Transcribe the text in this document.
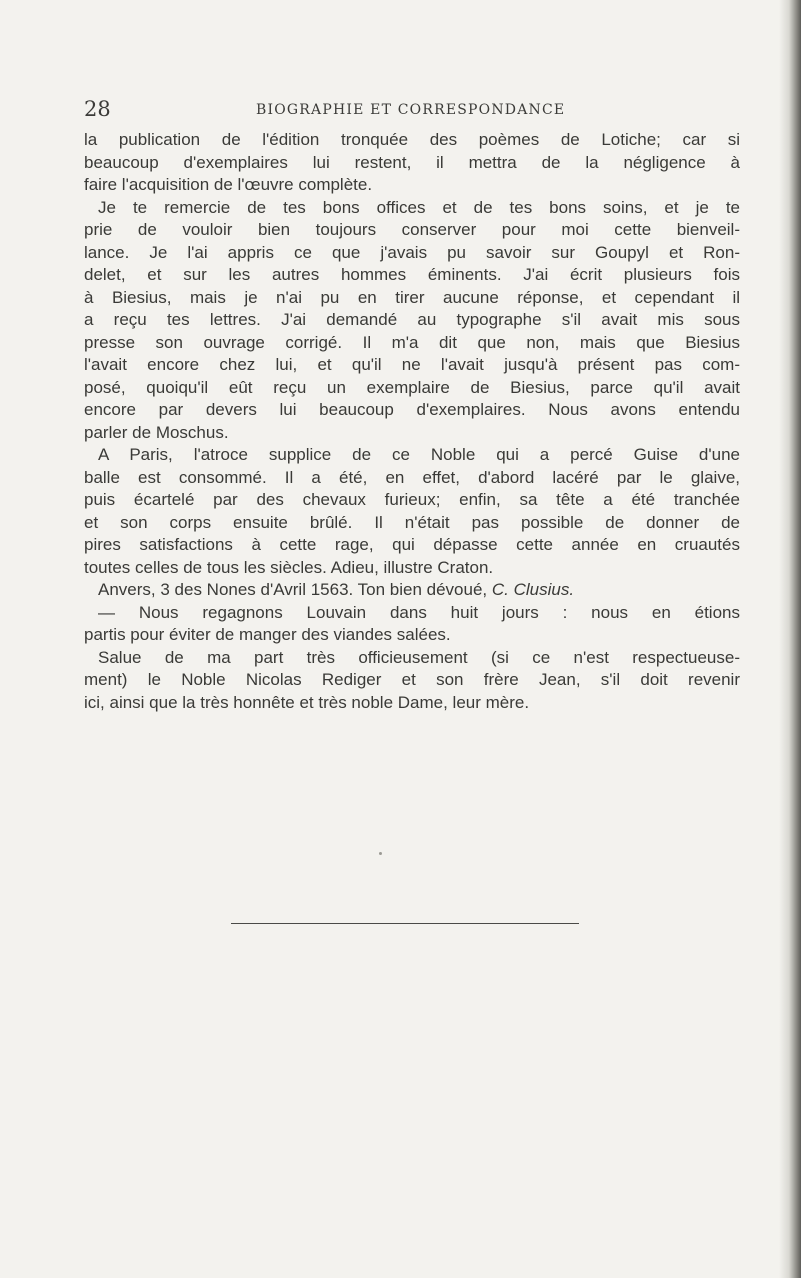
28	BIOGRAPHIE ET CORRESPONDANCE
la publication de l'édition tronquée des poèmes de Lotiche; car si
beaucoup d'exemplaires lui restent, il mettra de la négligence à
faire l'acquisition de l'œuvre complète.
Je te remercie de tes bons offices et de tes bons soins, et je te
prie de vouloir bien toujours conserver pour moi cette bienveil-
lance. Je l'ai appris ce que j'avais pu savoir sur Goupyl et Ron-
delet, et sur les autres hommes éminents. J'ai écrit plusieurs fois
à Biesius, mais je n'ai pu en tirer aucune réponse, et cependant il
a reçu tes lettres. J'ai demandé au typographe s'il avait mis sous
presse son ouvrage corrigé. Il m'a dit que non, mais que Biesius
l'avait encore chez lui, et qu'il ne l'avait jusqu'à présent pas com-
posé, quoiqu'il eût reçu un exemplaire de Biesius, parce qu'il avait
encore par devers lui beaucoup d'exemplaires. Nous avons entendu
parler de Moschus.
A Paris, l'atroce supplice de ce Noble qui a percé Guise d'une
balle est consommé. Il a été, en effet, d'abord lacéré par le glaive,
puis écartelé par des chevaux furieux; enfin, sa tête a été tranchée
et son corps ensuite brûlé. Il n'était pas possible de donner de
pires satisfactions à cette rage, qui dépasse cette année en cruautés
toutes celles de tous les siècles. Adieu, illustre Craton.
Anvers, 3 des Nones d'Avril 1563. Ton bien dévoué, C. Clusius.
— Nous regagnons Louvain dans huit jours : nous en étions
partis pour éviter de manger des viandes salées.
Salue de ma part très officieusement (si ce n'est respectueuse-
ment) le Noble Nicolas Rediger et son frère Jean, s'il doit revenir
ici, ainsi que la très honnête et très noble Dame, leur mère.
